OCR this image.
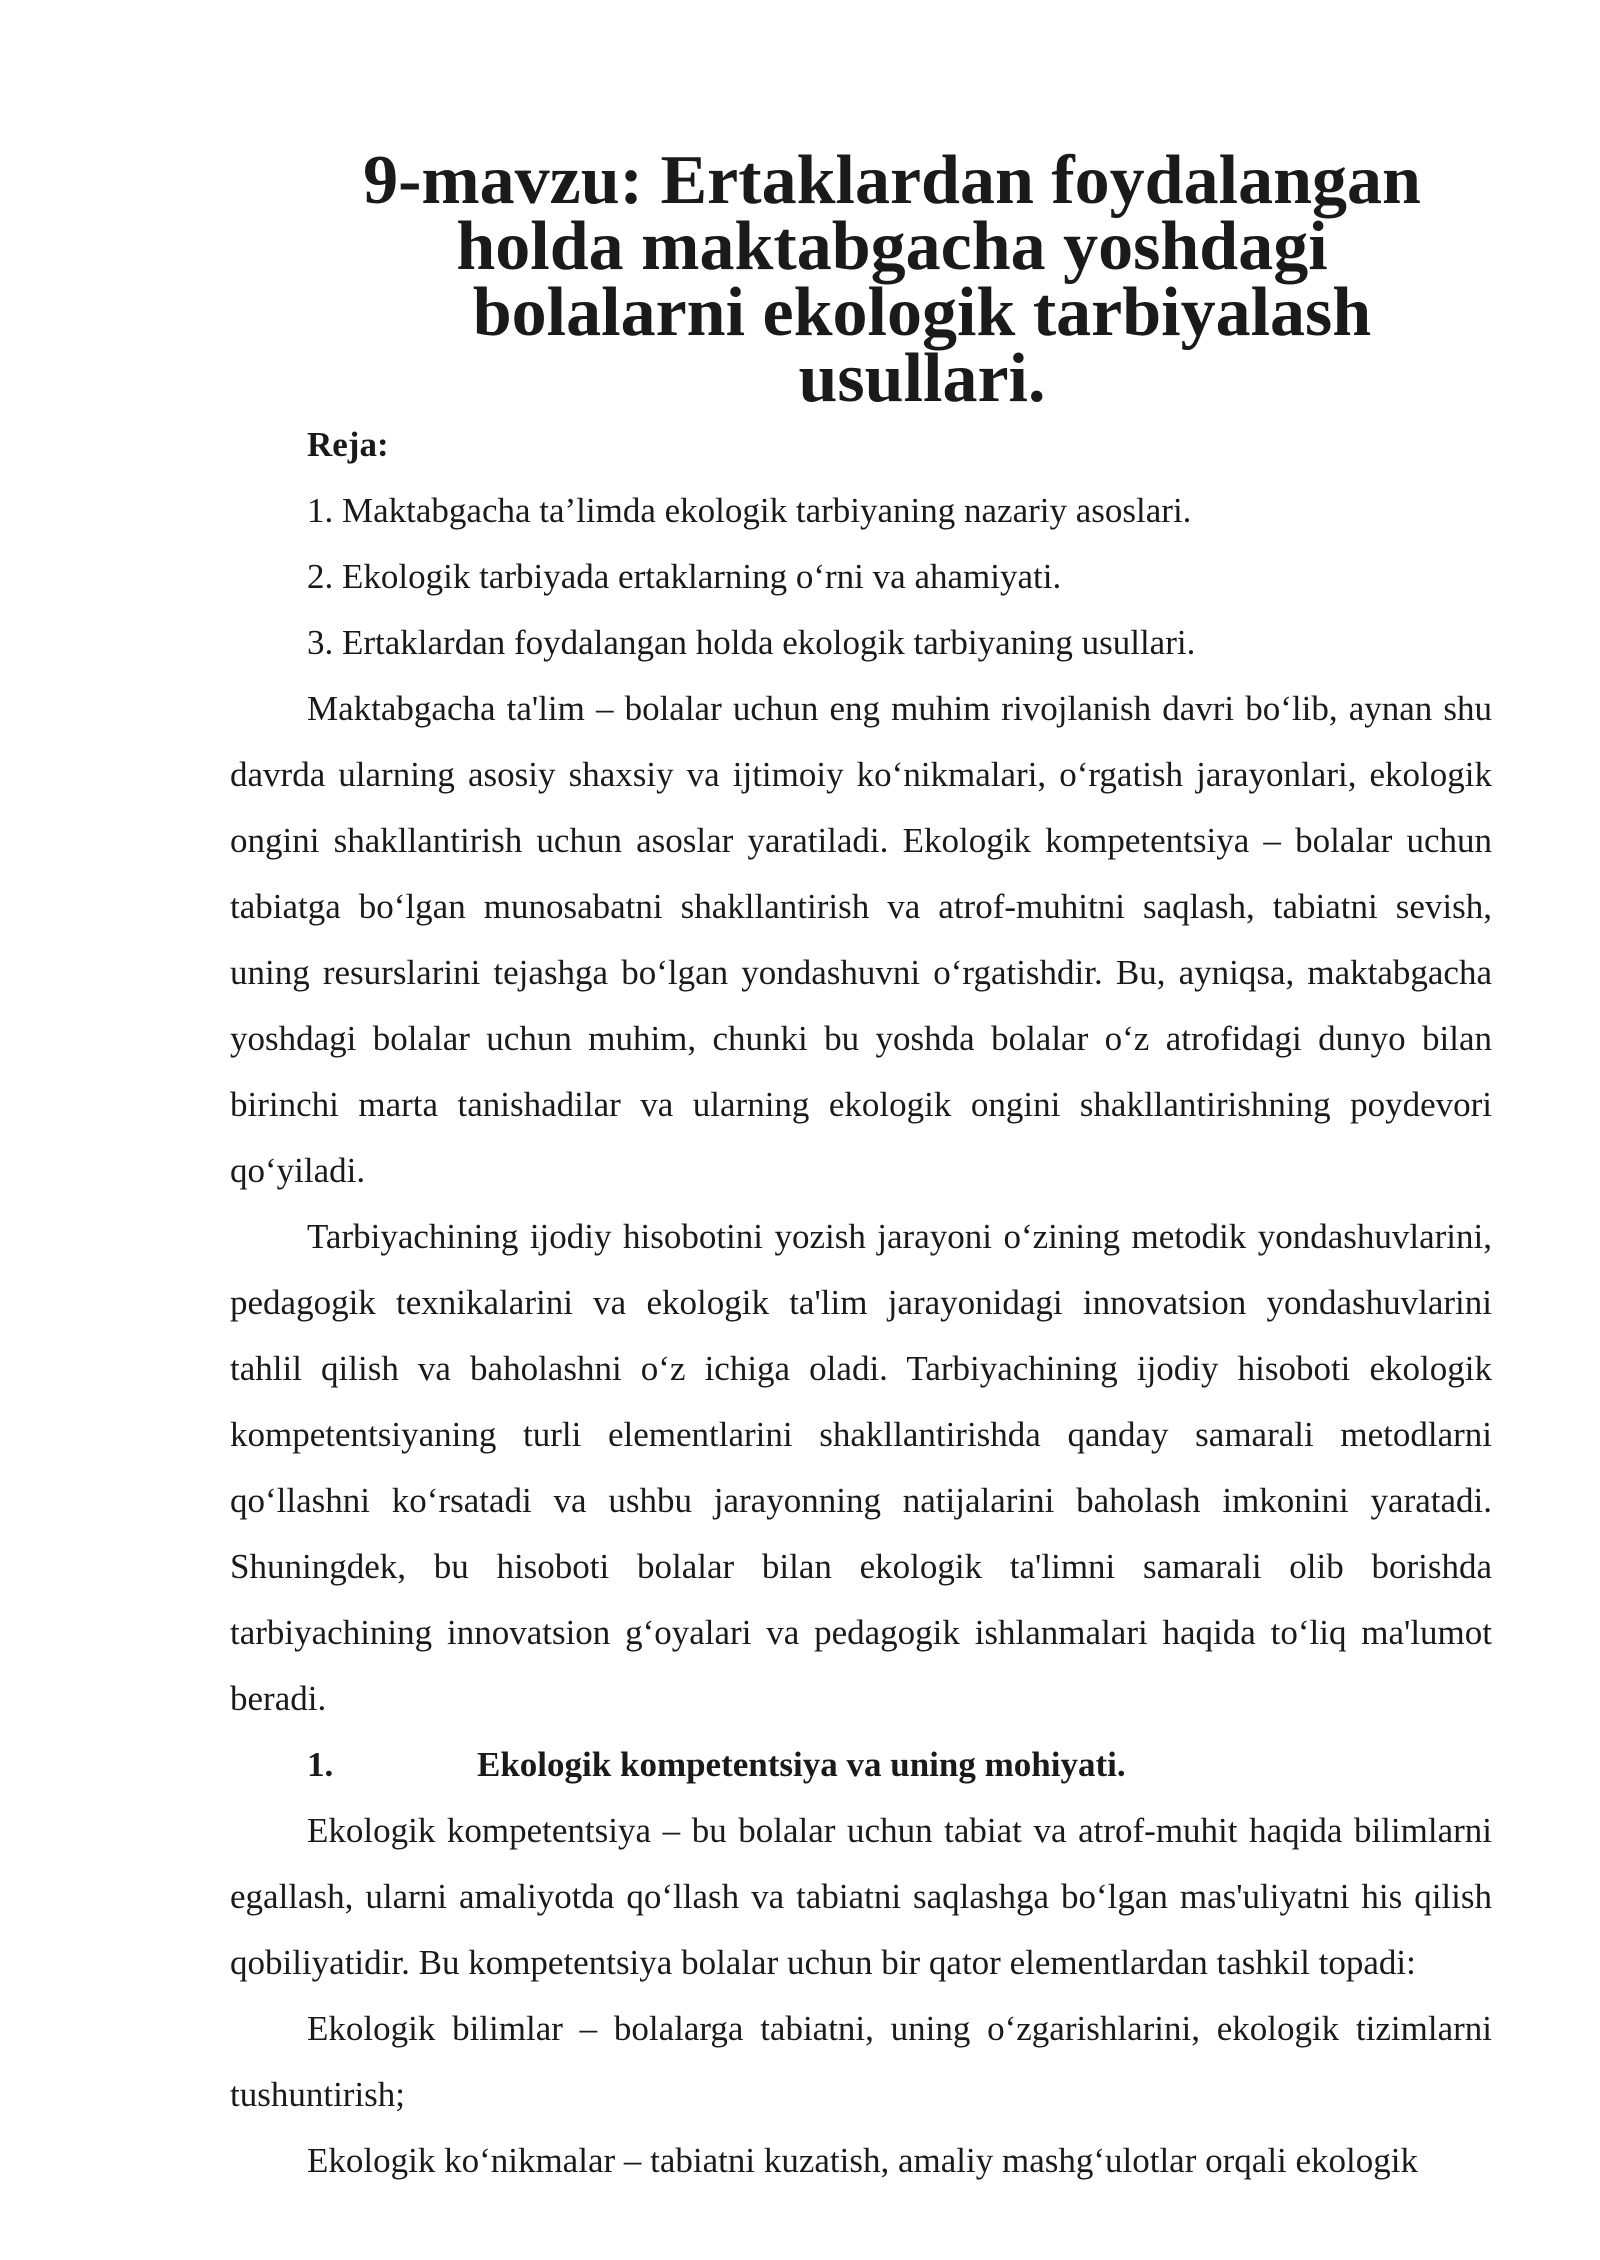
9-mavzu: Ertaklardan foydalangan holda maktabgacha yoshdagi
bolalarni ekologik tarbiyalash usullari.
Reja:
1. Maktabgacha ta’limda ekologik tarbiyaning nazariy asoslari.
2. Ekologik tarbiyada ertaklarning o‘rni va ahamiyati.
3. Ertaklardan foydalangan holda ekologik tarbiyaning usullari.

Maktabgacha ta'lim – bolalar uchun eng muhim rivojlanish davri bo‘lib, aynan shu davrda ularning asosiy shaxsiy va ijtimoiy ko‘nikmalari, o‘rgatish jarayonlari, ekologik ongini shakllantirish uchun asoslar yaratiladi. Ekologik kompetentsiya – bolalar uchun tabiatga bo‘lgan munosabatni shakllantirish va atrof-muhitni saqlash, tabiatni sevish, uning resurslarini tejashga bo‘lgan yondashuvni o‘rgatishdir. Bu, ayniqsa, maktabgacha yoshdagi bolalar uchun muhim, chunki bu yoshda bolalar o‘z atrofidagi dunyo bilan birinchi marta tanishadilar va ularning ekologik ongini shakllantirishning poydevori qo‘yiladi.

Tarbiyachining ijodiy hisobotini yozish jarayoni o‘zining metodik yondashuvlarini, pedagogik texnikalarini va ekologik ta'lim jarayonidagi innovatsion yondashuvlarini tahlil qilish va baholashni o‘z ichiga oladi. Tarbiyachining ijodiy hisoboti ekologik kompetentsiyaning turli elementlarini shakllantirishda qanday samarali metodlarni qo‘llashni ko‘rsatadi va ushbu jarayonning natijalarini baholash imkonini yaratadi. Shuningdek, bu hisoboti bolalar bilan ekologik ta'limni samarali olib borishda tarbiyachining innovatsion g‘oyalari va pedagogik ishlanmalari haqida to‘liq ma'lumot beradi.

1.	Ekologik kompetentsiya va uning mohiyati.

Ekologik kompetentsiya – bu bolalar uchun tabiat va atrof-muhit haqida bilimlarni egallash, ularni amaliyotda qo‘llash va tabiatni saqlashga bo‘lgan mas'uliyatni his qilish qobiliyatidir. Bu kompetentsiya bolalar uchun bir qator elementlardan tashkil topadi:

Ekologik bilimlar – bolalarga tabiatni, uning o‘zgarishlarini, ekologik tizimlarni tushuntirish;

Ekologik ko‘nikmalar – tabiatni kuzatish, amaliy mashg‘ulotlar orqali ekologik
